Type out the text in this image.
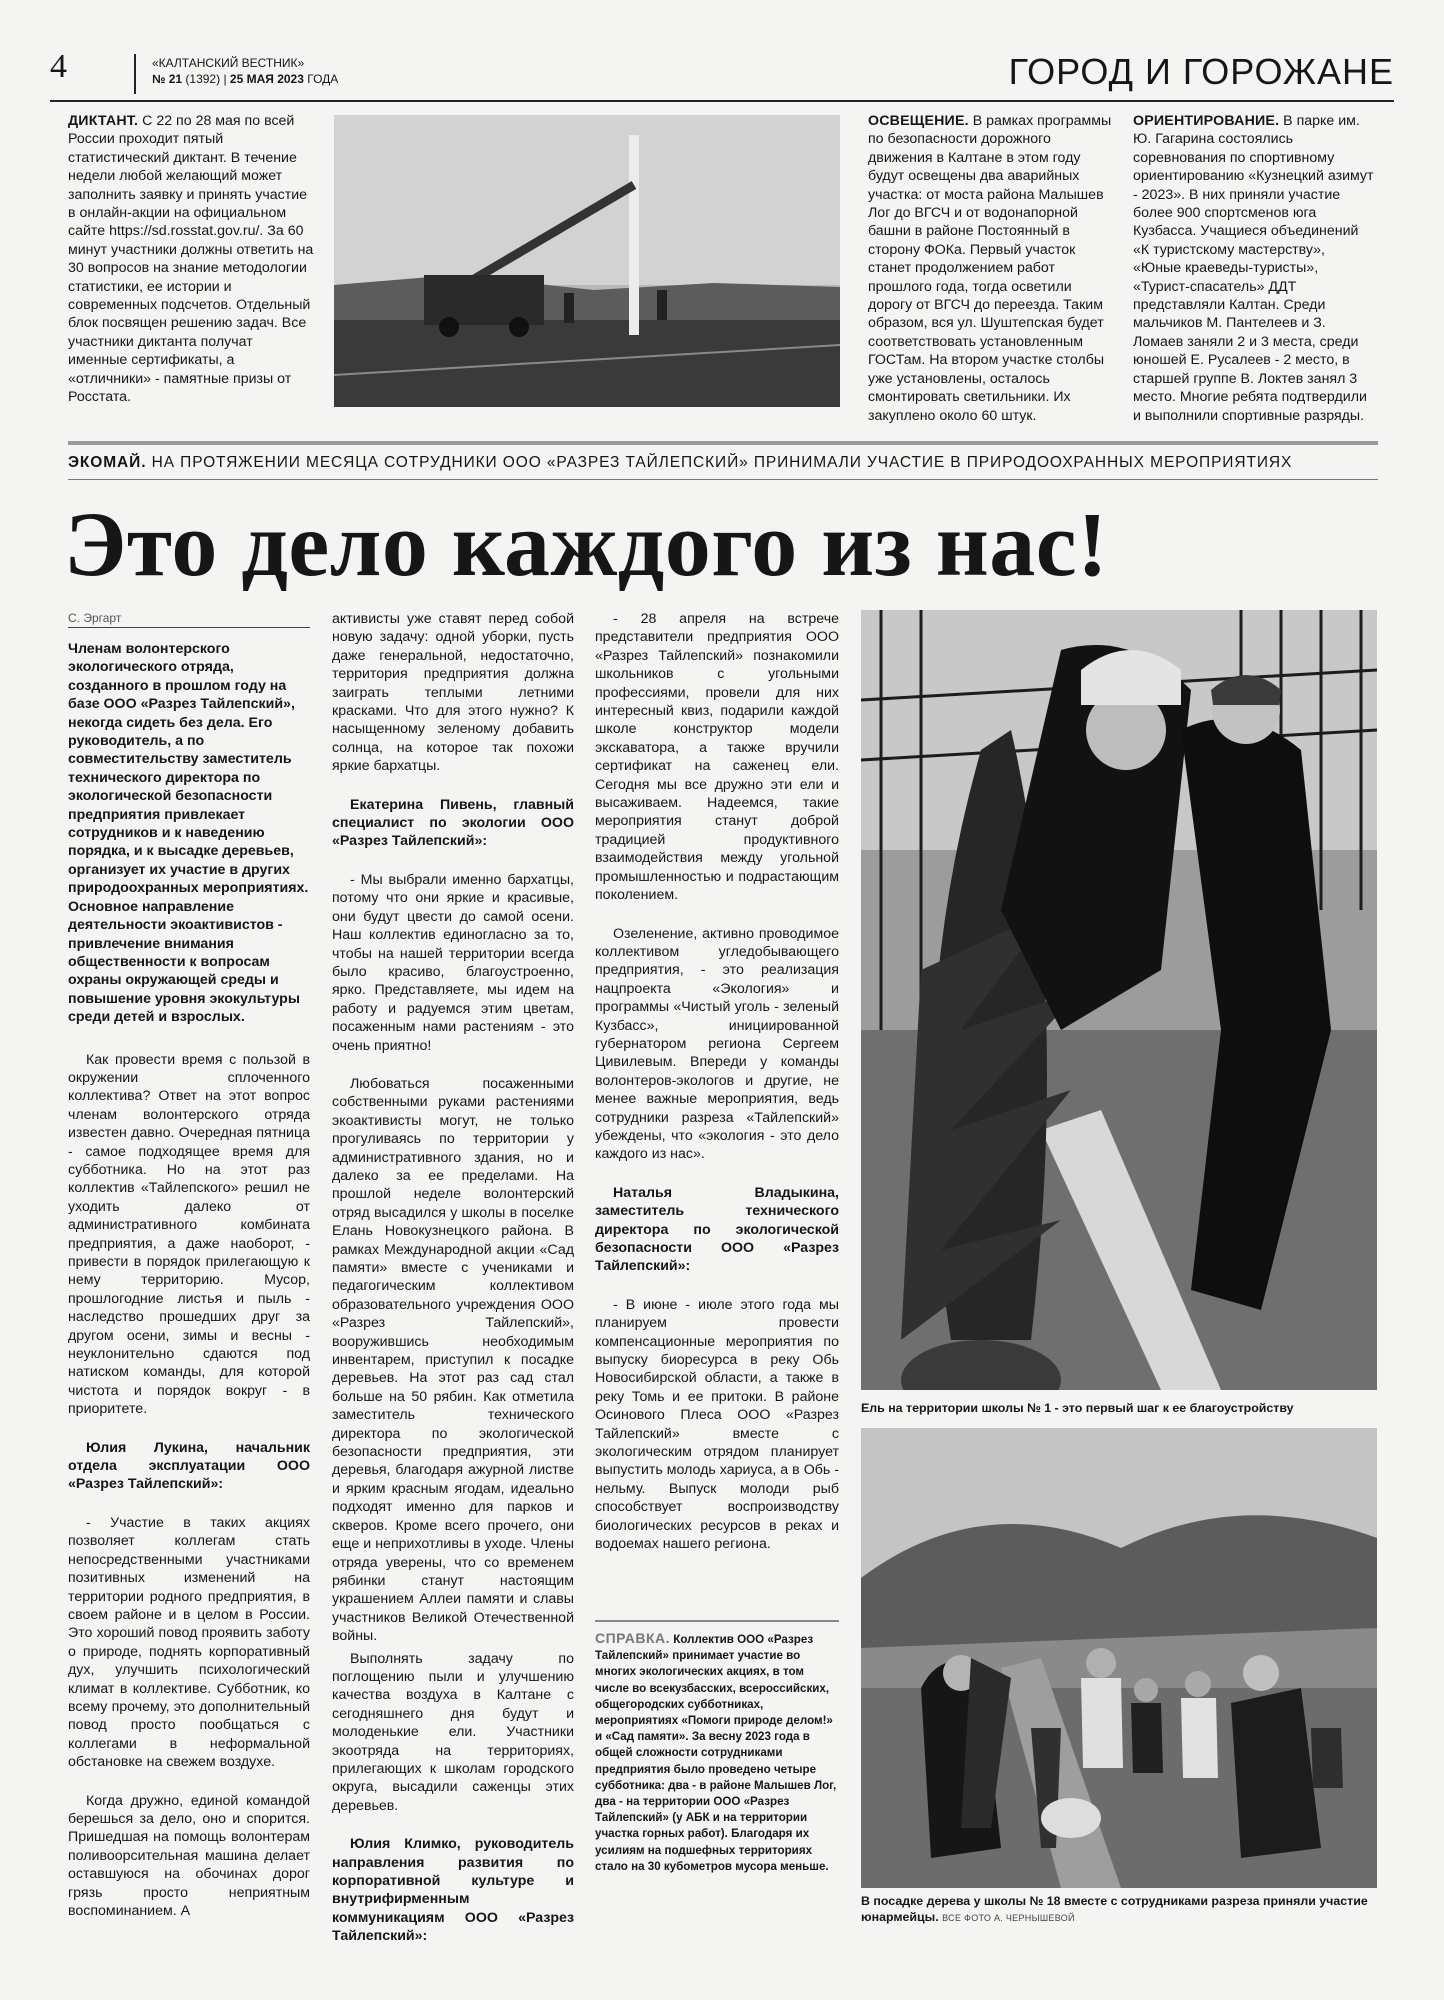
4	«КАЛТАНСКИЙ ВЕСТНИК»
№ 21 (1392) | 25 МАЯ 2023 ГОДА	ГОРОД И ГОРОЖАНЕ
ДИКТАНТ. С 22 по 28 мая по всей России проходит пятый статистический диктант. В течение недели любой желающий может заполнить заявку и принять участие в онлайн-акции на официальном сайте https://sd.rosstat.gov.ru/. За 60 минут участники должны ответить на 30 вопросов на знание методологии статистики, ее истории и современных подсчетов. Отдельный блок посвящен решению задач. Все участники диктанта получат именные сертификаты, а «отличники» - памятные призы от Росстата.
ОСВЕЩЕНИЕ. В рамках программы по безопасности дорожного движения в Калтане в этом году будут освещены два аварийных участка: от моста района Малышев Лог до ВГСЧ и от водонапорной башни в районе Постоянный в сторону ФОКа. Первый участок станет продолжением работ прошлого года, тогда осветили дорогу от ВГСЧ до переезда. Таким образом, вся ул. Шуштепская будет соответствовать установленным ГОСТам. На втором участке столбы уже установлены, осталось смонтировать светильники. Их закуплено около 60 штук.
ОРИЕНТИРОВАНИЕ. В парке им. Ю. Гагарина состоялись соревнования по спортивному ориентированию «Кузнецкий азимут - 2023». В них приняли участие более 900 спортсменов юга Кузбасса. Учащиеся объединений «К туристскому мастерству», «Юные краеведы-туристы», «Турист-спасатель» ДДТ представляли Калтан. Среди мальчиков М. Пантелеев и З. Ломаев заняли 2 и 3 места, среди юношей Е. Русалеев - 2 место, в старшей группе В. Локтев занял 3 место. Многие ребята подтвердили и выполнили спортивные разряды.
ЭКОМАЙ. НА ПРОТЯЖЕНИИ МЕСЯЦА СОТРУДНИКИ ООО «РАЗРЕЗ ТАЙЛЕПСКИЙ» ПРИНИМАЛИ УЧАСТИЕ В ПРИРОДООХРАННЫХ МЕРОПРИЯТИЯХ
Это дело каждого из нас!
С. Эргарт

Членам волонтерского экологического отряда, созданного в прошлом году на базе ООО «Разрез Тайлепский», некогда сидеть без дела. Его руководитель, а по совместительству заместитель технического директора по экологической безопасности предприятия привлекает сотрудников и к наведению порядка, и к высадке деревьев, организует их участие в других природоохранных мероприятиях. Основное направление деятельности экоактивистов - привлечение внимания общественности к вопросам охраны окружающей среды и повышение уровня экокультуры среди детей и взрослых.

Как провести время с пользой в окружении сплоченного коллектива? Ответ на этот вопрос членам волонтерского отряда известен давно. Очередная пятница - самое подходящее время для субботника. Но на этот раз коллектив «Тайлепского» решил не уходить далеко от административного комбината предприятия, а даже наоборот, - привести в порядок прилегающую к нему территорию. Мусор, прошлогодние листья и пыль - наследство прошедших друг за другом осени, зимы и весны - неуклонительно сдаются под натиском команды, для которой чистота и порядок вокруг - в приоритете.

Юлия Лукина, начальник отдела эксплуатации ООО «Разрез Тайлепский»:

- Участие в таких акциях позволяет коллегам стать непосредственными участниками позитивных изменений на территории родного предприятия, в своем районе и в целом в России. Это хороший повод проявить заботу о природе, поднять корпоративный дух, улучшить психологический климат в коллективе. Субботник, ко всему прочему, это дополнительный повод просто пообщаться с коллегами в неформальной обстановке на свежем воздухе.

Когда дружно, единой командой берешься за дело, оно и спорится. Пришедшая на помощь волонтерам поливоорсительная машина делает оставшуюся на обочинах дорог грязь просто неприятным воспоминанием. А

активисты уже ставят перед собой новую задачу: одной уборки, пусть даже генеральной, недостаточно, территория предприятия должна заиграть теплыми летними красками. Что для этого нужно? К насыщенному зеленому добавить солнца, на которое так похожи яркие бархатцы.

Екатерина Пивень, главный специалист по экологии ООО «Разрез Тайлепский»:

- Мы выбрали именно бархатцы, потому что они яркие и красивые, они будут цвести до самой осени. Наш коллектив единогласно за то, чтобы на нашей территории всегда было красиво, благоустроенно, ярко. Представляете, мы идем на работу и радуемся этим цветам, посаженным нами растениям - это очень приятно!

Любоваться посаженными собственными руками растениями экоактивисты могут, не только прогуливаясь по территории у административного здания, но и далеко за ее пределами. На прошлой неделе волонтерский отряд высадился у школы в поселке Елань Новокузнецкого района. В рамках Международной акции «Сад памяти» вместе с учениками и педагогическим коллективом образовательного учреждения ООО «Разрез Тайлепский», вооружившись необходимым инвентарем, приступил к посадке деревьев. На этот раз сад стал больше на 50 рябин. Как отметила заместитель технического директора по экологической безопасности предприятия, эти деревья, благодаря ажурной листве и ярким красным ягодам, идеально подходят именно для парков и скверов. Кроме всего прочего, они еще и неприхотливы в уходе. Члены отряда уверены, что со временем рябинки станут настоящим украшением Аллеи памяти и славы участников Великой Отечественной войны.

Выполнять задачу по поглощению пыли и улучшению качества воздуха в Калтане с сегодняшнего дня будут и молоденькие ели. Участники экоотряда на территориях, прилегающих к школам городского округа, высадили саженцы этих деревьев.

Юлия Климко, руководитель направления развития по корпоративной культуре и внутрифирменным коммуникациям ООО «Разрез Тайлепский»:

- 28 апреля на встрече представители предприятия ООО «Разрез Тайлепский» познакомили школьников с угольными профессиями, провели для них интересный квиз, подарили каждой школе конструктор модели экскаватора, а также вручили сертификат на саженец ели. Сегодня мы все дружно эти ели и высаживаем. Надеемся, такие мероприятия станут доброй традицией продуктивного взаимодействия между угольной промышленностью и подрастающим поколением.

Озеленение, активно проводимое коллективом угледобывающего предприятия, - это реализация нацпроекта «Экология» и программы «Чистый уголь - зеленый Кузбасс», инициированной губернатором региона Сергеем Цивилевым. Впереди у команды волонтеров-экологов и другие, не менее важные мероприятия, ведь сотрудники разреза «Тайлепский» убеждены, что «экология - это дело каждого из нас».

Наталья Владыкина, заместитель технического директора по экологической безопасности ООО «Разрез Тайлепский»:

- В июне - июле этого года мы планируем провести компенсационные мероприятия по выпуску биоресурса в реку Обь Новосибирской области, а также в реку Томь и ее притоки. В районе Осинового Плеса ООО «Разрез Тайлепский» вместе с экологическим отрядом планирует выпустить молодь хариуса, а в Обь - нельму. Выпуск молоди рыб способствует воспроизводству биологических ресурсов в реках и водоемах нашего региона.

СПРАВКА. Коллектив ООО «Разрез Тайлепский» принимает участие во многих экологических акциях, в том числе во всекузбасских, всероссийских, общегородских субботниках, мероприятиях «Помоги природе делом!» и «Сад памяти». За весну 2023 года в общей сложности сотрудниками предприятия было проведено четыре субботника: два - в районе Малышев Лог, два - на территории ООО «Разрез Тайлепский» (у АБК и на территории участка горных работ). Благодаря их усилиям на подшефных территориях стало на 30 кубометров мусора меньше.
Ель на территории школы № 1 - это первый шаг к ее благоустройству
В посадке дерева у школы № 18 вместе с сотрудниками разреза приняли участие юнармейцы. ВСЕ ФОТО А. ЧЕРНЫШЕВОЙ
